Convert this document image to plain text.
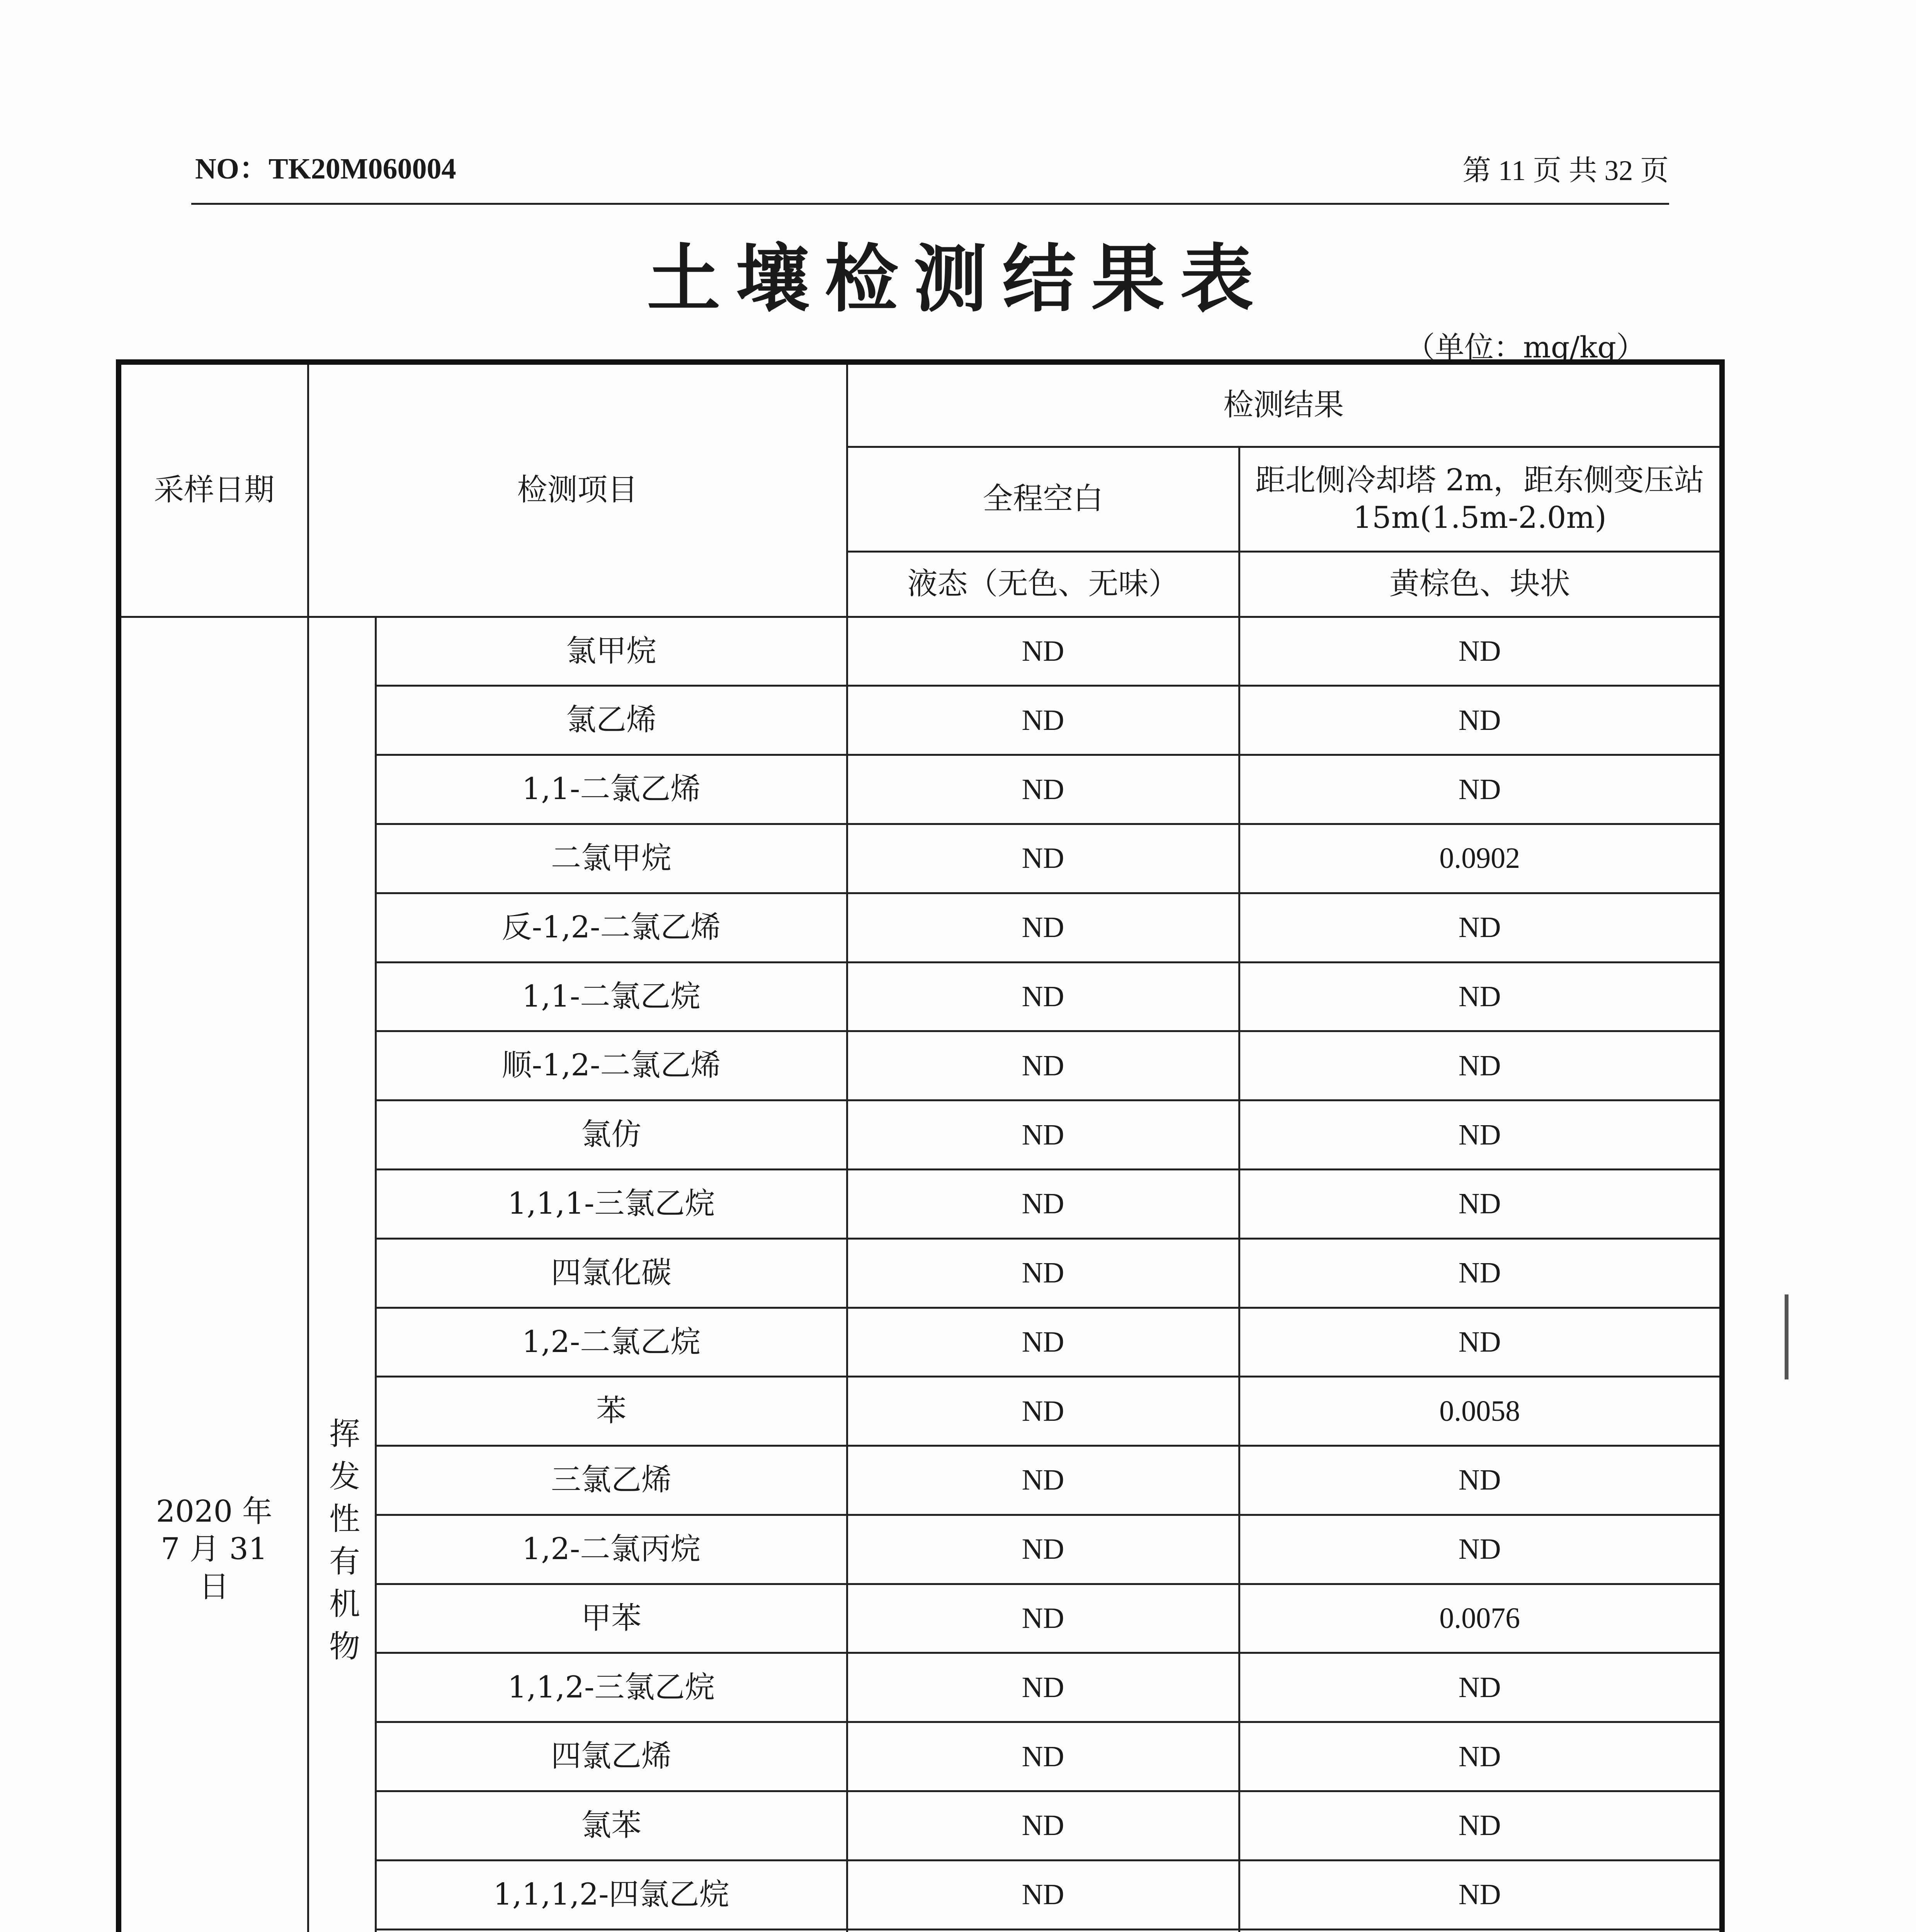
NO：TK20M060004	第 11 页 共 32 页
土壤检测结果表
（单位：mg/kg）
采样日期	检测项目		检测结果	
			全程空白	距北侧冷却塔 2m，距东侧变压站 15m(1.5m-2.0m)
			液态（无色、无味）	黄棕色、块状
2020 年 7 月 31 日	挥发性有机物	氯甲烷	ND	ND
		氯乙烯	ND	ND
		1,1-二氯乙烯	ND	ND
		二氯甲烷	ND	0.0902
		反-1,2-二氯乙烯	ND	ND
		1,1-二氯乙烷	ND	ND
		顺-1,2-二氯乙烯	ND	ND
		氯仿	ND	ND
		1,1,1-三氯乙烷	ND	ND
		四氯化碳	ND	ND
		1,2-二氯乙烷	ND	ND
		苯	ND	0.0058
		三氯乙烯	ND	ND
		1,2-二氯丙烷	ND	ND
		甲苯	ND	0.0076
		1,1,2-三氯乙烷	ND	ND
		四氯乙烯	ND	ND
		氯苯	ND	ND
		1,1,1,2-四氯乙烷	ND	ND
